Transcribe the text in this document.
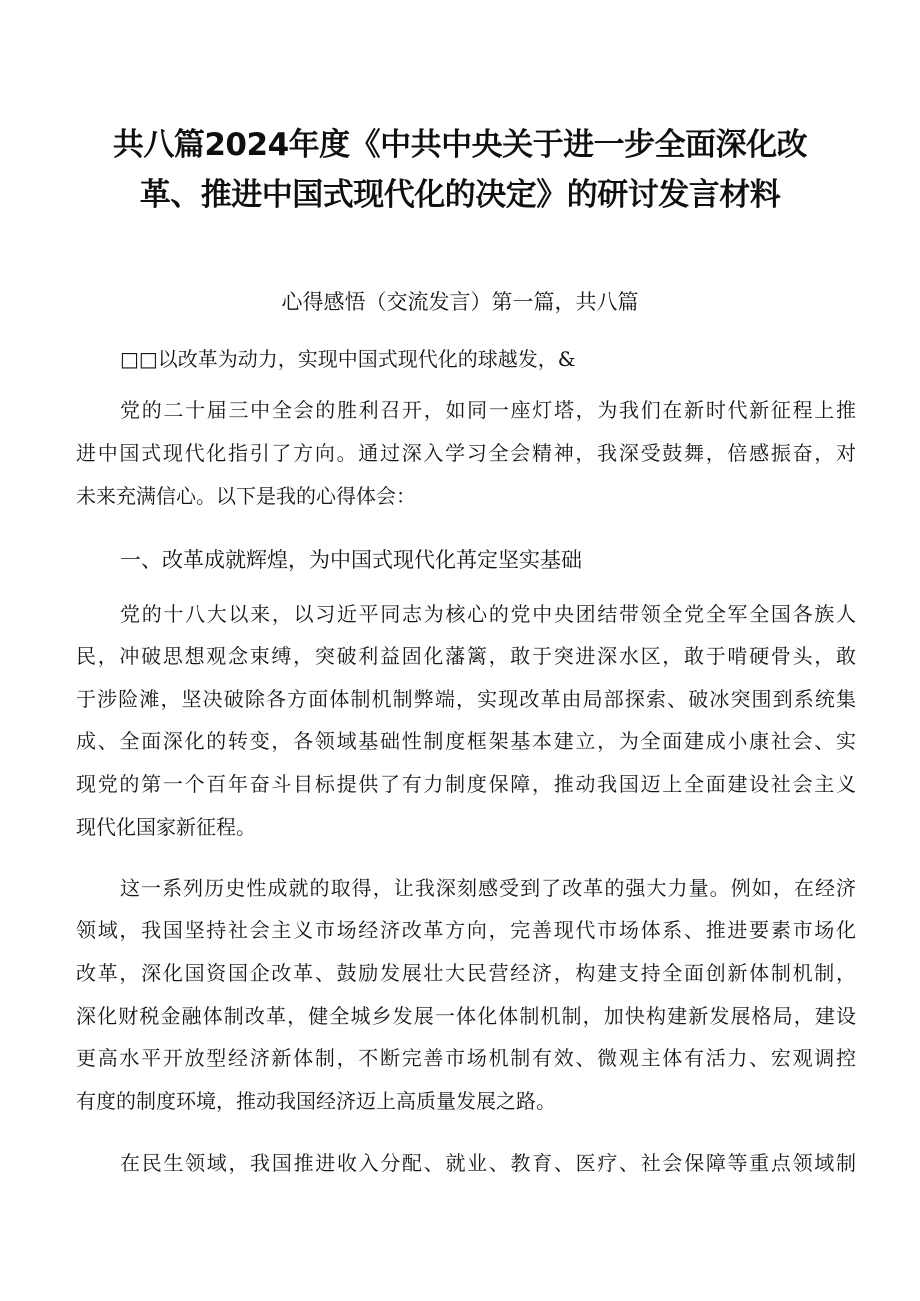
共八篇2024年度《中共中央关于进一步全面深化改
革、推进中国式现代化的决定》的研讨发言材料
心得感悟（交流发言）第一篇，共八篇
□□以改革为动力，实现中国式现代化的球越发，&
党的二十届三中全会的胜利召开，如同一座灯塔，为我们在新时代新征程上推
进中国式现代化指引了方向。通过深入学习全会精神，我深受鼓舞，倍感振奋，对
未来充满信心。以下是我的心得体会：
一、改革成就辉煌，为中国式现代化苒定坚实基础
党的十八大以来，以习近平同志为核心的党中央团结带领全党全军全国各族人
民，冲破思想观念束缚，突破利益固化藩篱，敢于突进深水区，敢于啃硬骨头，敢
于涉险滩，坚决破除各方面体制机制弊端，实现改革由局部探索、破冰突围到系统集
成、全面深化的转变，各领域基础性制度框架基本建立，为全面建成小康社会、实
现党的第一个百年奋斗目标提供了有力制度保障，推动我国迈上全面建设社会主义
现代化国家新征程。
这一系列历史性成就的取得，让我深刻感受到了改革的强大力量。例如，在经济
领域，我国坚持社会主义市场经济改革方向，完善现代市场体系、推进要素市场化
改革，深化国资国企改革、鼓励发展壮大民营经济，构建支持全面创新体制机制，
深化财税金融体制改革，健全城乡发展一体化体制机制，加快构建新发展格局，建设
更高水平开放型经济新体制，不断完善市场机制有效、微观主体有活力、宏观调控
有度的制度环境，推动我国经济迈上高质量发展之路。
在民生领域，我国推进收入分配、就业、教育、医疗、社会保障等重点领域制
